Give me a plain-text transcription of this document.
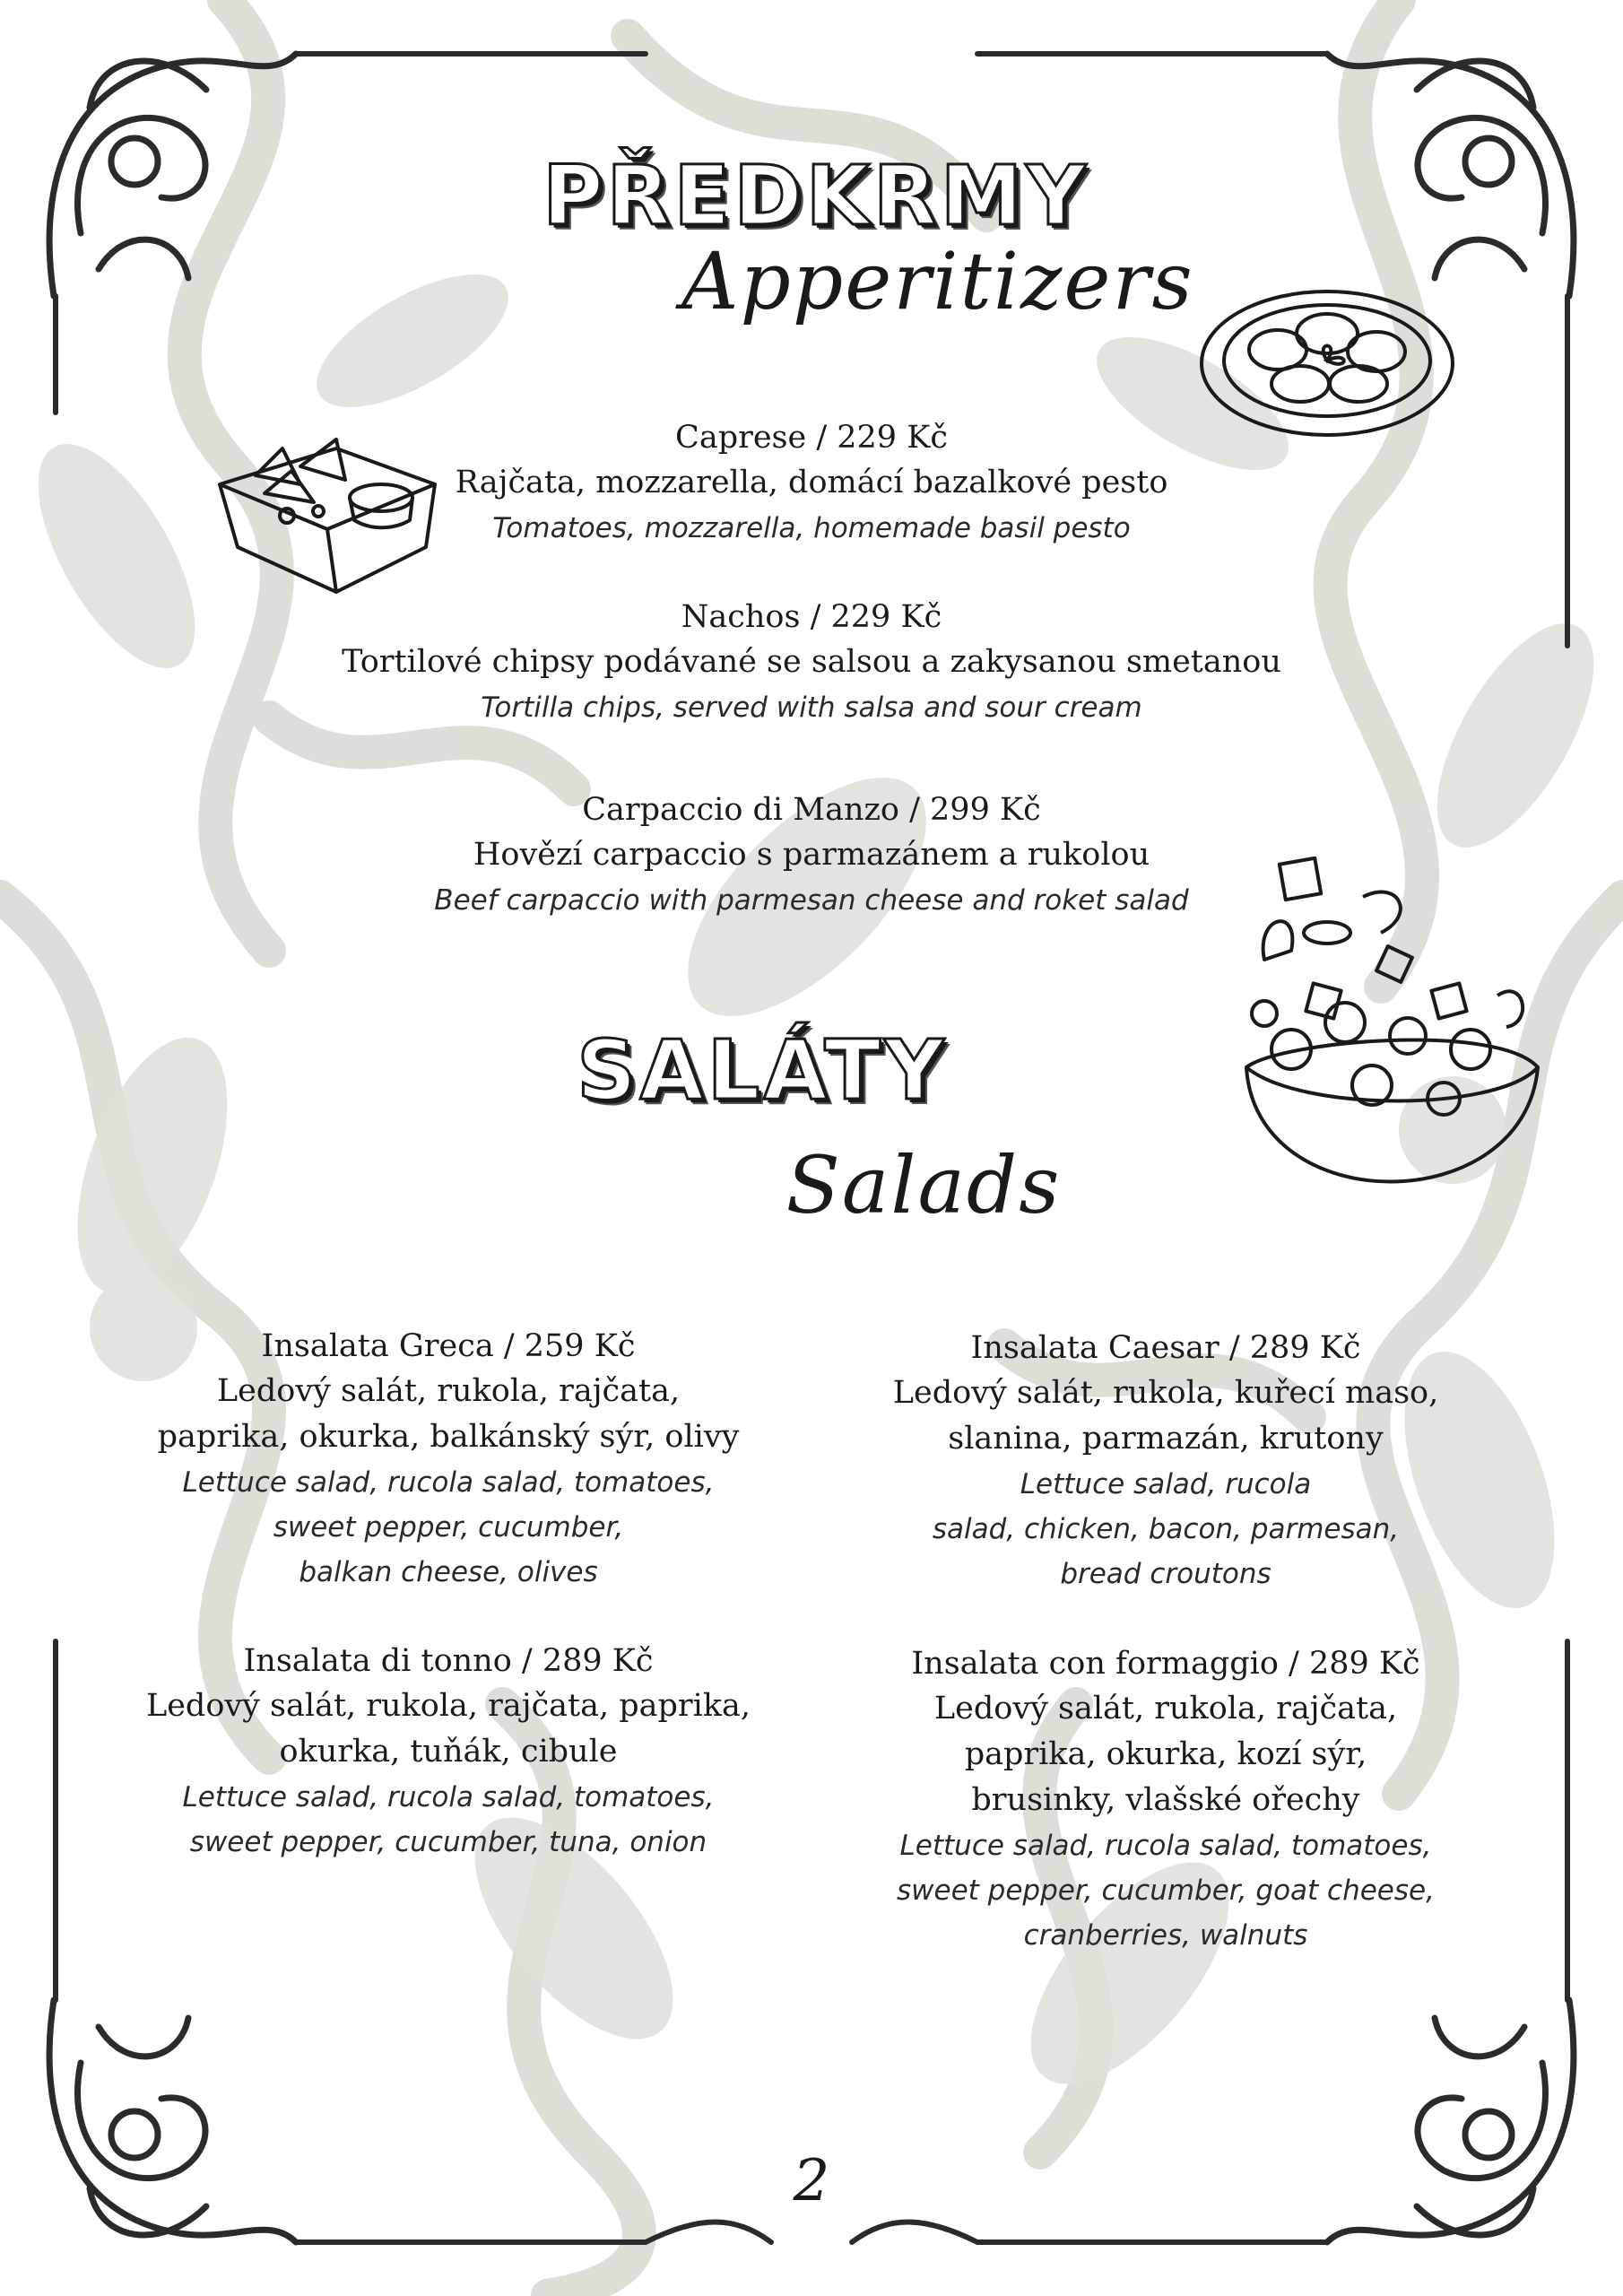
PŘEDKRMY
Apperitizers
Caprese / 229 Kč
Rajčata, mozzarella, domácí bazalkové pesto
Tomatoes, mozzarella, homemade basil pesto
Nachos / 229 Kč
Tortilové chipsy podávané se salsou a zakysanou smetanou
Tortilla chips, served with salsa and sour cream
Carpaccio di Manzo / 299 Kč
Hovězí carpaccio s parmazánem a rukolou
Beef carpaccio with parmesan cheese and roket salad
SALÁTY
Salads
Insalata Greca / 259 Kč
Ledový salát, rukola, rajčata,
paprika, okurka, balkánský sýr, olivy
Lettuce salad, rucola salad, tomatoes,
sweet pepper, cucumber,
balkan cheese, olives
Insalata di tonno / 289 Kč
Ledový salát, rukola, rajčata, paprika,
okurka, tuňák, cibule
Lettuce salad, rucola salad, tomatoes,
sweet pepper, cucumber, tuna, onion
Insalata Caesar / 289 Kč
Ledový salát, rukola, kuřecí maso,
slanina, parmazán, krutony
Lettuce salad, rucola
salad, chicken, bacon, parmesan,
bread croutons
Insalata con formaggio / 289 Kč
Ledový salát, rukola, rajčata,
paprika, okurka, kozí sýr,
brusinky, vlašské ořechy
Lettuce salad, rucola salad, tomatoes,
sweet pepper, cucumber, goat cheese,
cranberries, walnuts
2
